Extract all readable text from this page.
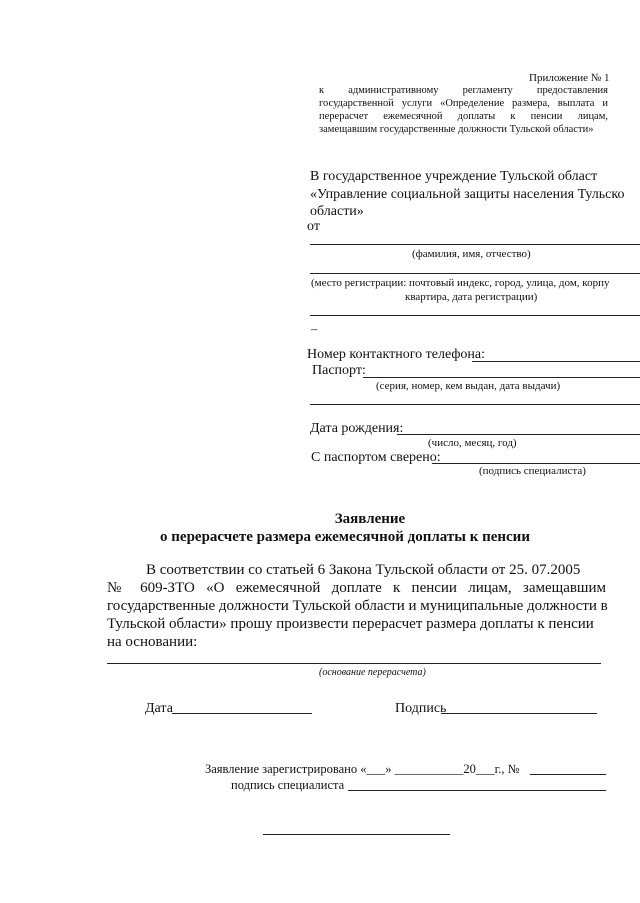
Приложение № 1
к административному регламенту предоставления
государственной услуги «Определение размера, выплата и
перерасчет ежемесячной доплаты к пенсии лицам,
замещавшим государственные должности Тульской области»
В государственное учреждение Тульской област
«Управление социальной защиты населения Тульско
области»
от
(фамилия, имя, отчество)
(место регистрации: почтовый индекс, город, улица, дом, корпу
квартира, дата регистрации)
–
Номер контактного телефона:
Паспорт:
(серия, номер, кем выдан, дата выдачи)
Дата рождения:
(число, месяц, год)
С паспортом сверено:
(подпись специалиста)
Заявление
о перерасчете размера ежемесячной доплаты к пенсии
В соответствии со статьей 6 Закона Тульской области от 25. 07.2005
№ 609-ЗТО «О ежемесячной доплате к пенсии лицам, замещавшим
государственные должности Тульской области и муниципальные должности в
Тульской области» прошу произвести перерасчет размера доплаты к пенсии
на основании:
(основание перерасчета)
Дата	Подпись
Заявление зарегистрировано «___» ___________20___г., №
подпись специалиста
